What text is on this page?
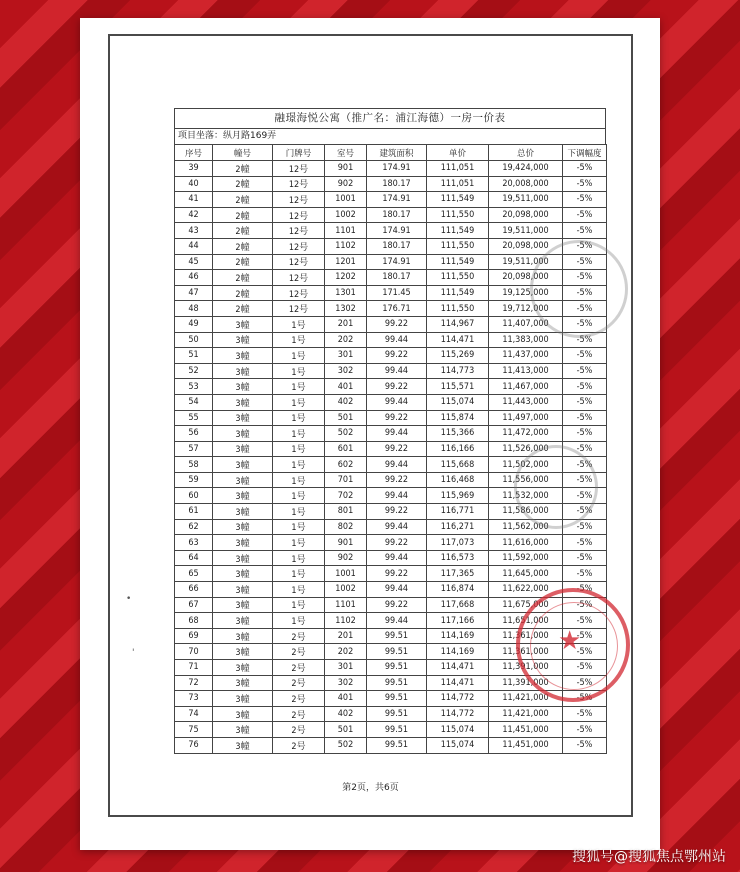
融璟海悦公寓（推广名：浦江海德）一房一价表
项目坐落：纵月路169弄
序号	幢号	门牌号	室号	建筑面积	单价	总价	下调幅度
39	2幢	12号	901	174.91	111,051	19,424,000	-5%
40	2幢	12号	902	180.17	111,051	20,008,000	-5%
41	2幢	12号	1001	174.91	111,549	19,511,000	-5%
42	2幢	12号	1002	180.17	111,550	20,098,000	-5%
43	2幢	12号	1101	174.91	111,549	19,511,000	-5%
44	2幢	12号	1102	180.17	111,550	20,098,000	-5%
45	2幢	12号	1201	174.91	111,549	19,511,000	-5%
46	2幢	12号	1202	180.17	111,550	20,098,000	-5%
47	2幢	12号	1301	171.45	111,549	19,125,000	-5%
48	2幢	12号	1302	176.71	111,550	19,712,000	-5%
49	3幢	1号	201	99.22	114,967	11,407,000	-5%
50	3幢	1号	202	99.44	114,471	11,383,000	-5%
51	3幢	1号	301	99.22	115,269	11,437,000	-5%
52	3幢	1号	302	99.44	114,773	11,413,000	-5%
53	3幢	1号	401	99.22	115,571	11,467,000	-5%
54	3幢	1号	402	99.44	115,074	11,443,000	-5%
55	3幢	1号	501	99.22	115,874	11,497,000	-5%
56	3幢	1号	502	99.44	115,366	11,472,000	-5%
57	3幢	1号	601	99.22	116,166	11,526,000	-5%
58	3幢	1号	602	99.44	115,668	11,502,000	-5%
59	3幢	1号	701	99.22	116,468	11,556,000	-5%
60	3幢	1号	702	99.44	115,969	11,532,000	-5%
61	3幢	1号	801	99.22	116,771	11,586,000	-5%
62	3幢	1号	802	99.44	116,271	11,562,000	-5%
63	3幢	1号	901	99.22	117,073	11,616,000	-5%
64	3幢	1号	902	99.44	116,573	11,592,000	-5%
65	3幢	1号	1001	99.22	117,365	11,645,000	-5%
66	3幢	1号	1002	99.44	116,874	11,622,000	-5%
67	3幢	1号	1101	99.22	117,668	11,675,000	-5%
68	3幢	1号	1102	99.44	117,166	11,651,000	-5%
69	3幢	2号	201	99.51	114,169	11,361,000	-5%
70	3幢	2号	202	99.51	114,169	11,361,000	-5%
71	3幢	2号	301	99.51	114,471	11,391,000	-5%
72	3幢	2号	302	99.51	114,471	11,391,000	-5%
73	3幢	2号	401	99.51	114,772	11,421,000	-5%
74	3幢	2号	402	99.51	114,772	11,421,000	-5%
75	3幢	2号	501	99.51	115,074	11,451,000	-5%
76	3幢	2号	502	99.51	115,074	11,451,000	-5%
第2页，共6页
•
'	★
搜狐号@搜狐焦点鄂州站
